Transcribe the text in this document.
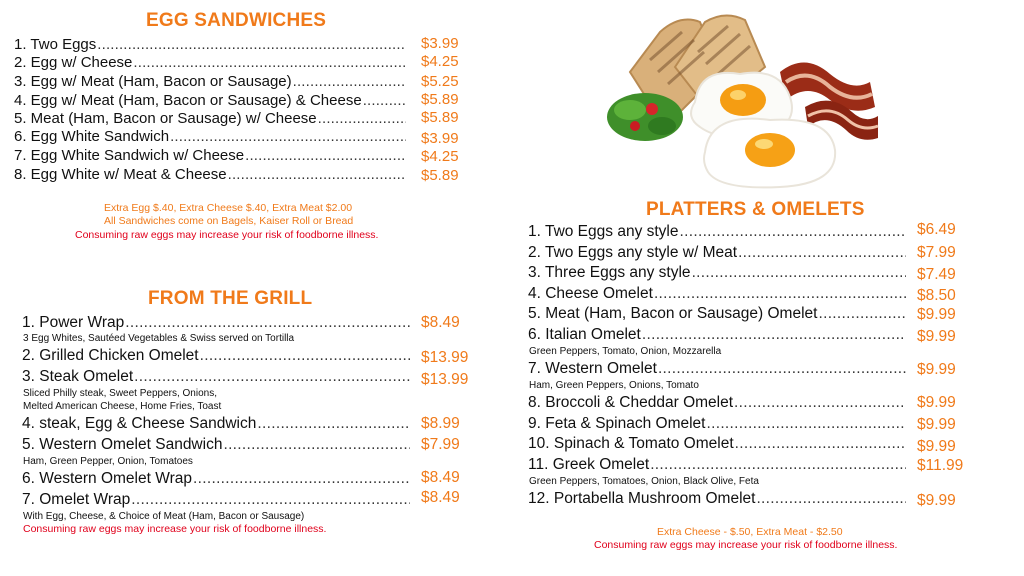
EGG SANDWICHES
1. Two Eggs . . .	$3.99
2. Egg w/ Cheese . . .	$4.25
3. Egg w/ Meat (Ham, Bacon or Sausage) . . .	$5.25
4. Egg w/ Meat (Ham, Bacon or Sausage) & Cheese . . .	$5.89
5. Meat (Ham, Bacon or Sausage) w/ Cheese . . .	$5.89
6. Egg White Sandwich . . .	$3.99
7. Egg White Sandwich w/ Cheese . . .	$4.25
8. Egg White w/ Meat & Cheese . . .	$5.89
Extra Egg $.40, Extra Cheese $.40, Extra Meat $2.00
All Sandwiches come on Bagels, Kaiser Roll or Bread
Consuming raw eggs may increase your risk of foodborne illness.
FROM THE GRILL
1. Power Wrap . . .	$8.49
3 Egg Whites, Sautéed Vegetables & Swiss served on Tortilla
2. Grilled Chicken Omelet . . .	$13.99
3. Steak Omelet . . .	$13.99
Sliced Philly steak, Sweet Peppers, Onions,
Melted American Cheese, Home Fries, Toast
4. steak, Egg & Cheese Sandwich . . .	$8.99
5. Western Omelet Sandwich . . .	$7.99
Ham, Green Pepper, Onion, Tomatoes
6. Western Omelet Wrap . . .	$8.49
7. Omelet Wrap . . .	$8.49
With Egg, Cheese, & Choice of Meat (Ham, Bacon or Sausage)
Consuming raw eggs may increase your risk of foodborne illness.
PLATTERS & OMELETS
1. Two Eggs any style . . .	$6.49
2. Two Eggs any style w/ Meat . . .	$7.99
3. Three Eggs any style . . .	$7.49
4. Cheese Omelet . . .	$8.50
5. Meat (Ham, Bacon or Sausage) Omelet . . .	$9.99
6. Italian Omelet . . .	$9.99
Green Peppers, Tomato, Onion, Mozzarella
7. Western Omelet . . .	$9.99
Ham, Green Peppers, Onions, Tomato
8. Broccoli & Cheddar Omelet . . .	$9.99
9. Feta & Spinach Omelet . . .	$9.99
10. Spinach & Tomato Omelet . . .	$9.99
11. Greek Omelet . . .	$11.99
Green Peppers, Tomatoes, Onion, Black Olive, Feta
12. Portabella Mushroom Omelet . . .	$9.99
Extra Cheese - $.50, Extra Meat - $2.50
Consuming raw eggs may increase your risk of foodborne illness.
